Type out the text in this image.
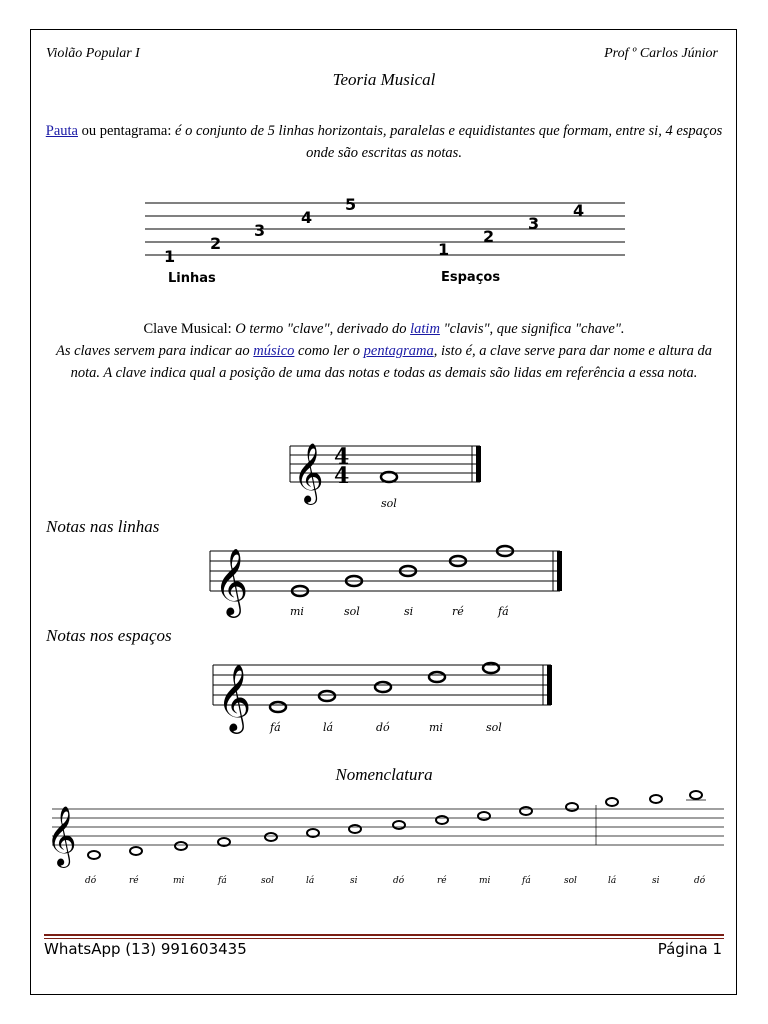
Violão Popular I	Prof º Carlos Júnior
Teoria Musical
Pauta ou pentagrama: é o conjunto de 5 linhas horizontais, paralelas e equidistantes que formam, entre si, 4 espaços onde são escritas as notas.
1
2
3
4
5
1
2
3
4
Linhas	Espaços
Clave Musical: O termo "clave", derivado do latim "clavis", que significa "chave".
As claves servem para indicar ao músico como ler o pentagrama, isto é, a clave serve para dar nome e altura da nota. A clave indica qual a posição de uma das notas e todas as demais são lidas em referência a essa nota.
𝄞 4
4
sol
Notas nas linhas
𝄞	mi	sol	si	ré	fá
Notas nos espaços
𝄞 fá	lá	dó	mi	sol
Nomenclatura
𝄞
dó	ré	mi	fá	sol	lá	si	dó	ré	mi	fá	sol	lá	si	dó
WhatsApp (13) 991603435	Página 1
